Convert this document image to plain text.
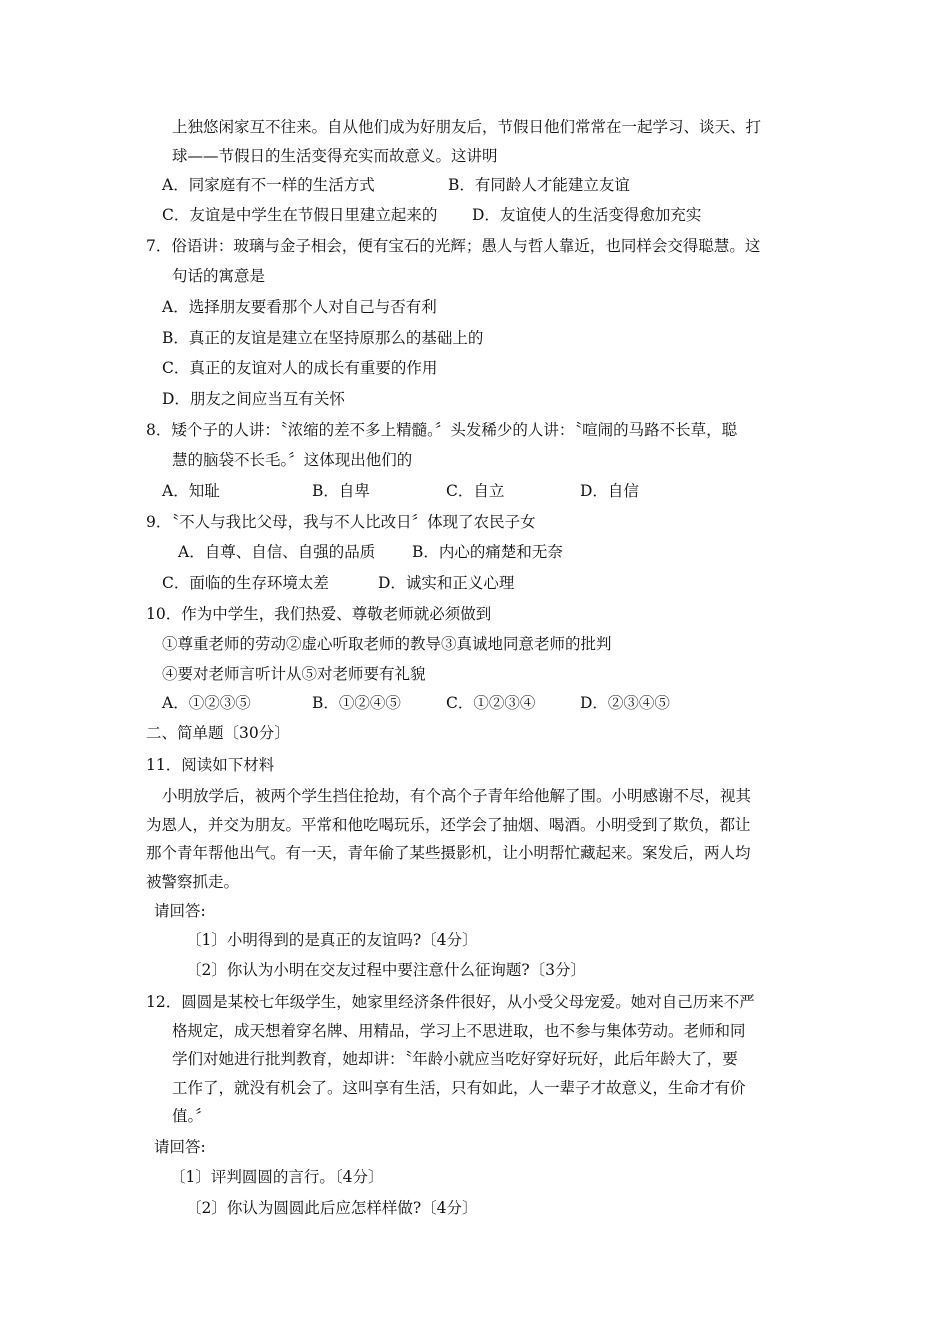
上独悠闲家互不往来。自从他们成为好朋友后，节假日他们常常在一起学习、谈天、打
球——节假日的生活变得充实而故意义。这讲明
A．同家庭有不一样的生活方式	B．有同龄人才能建立友谊
C．友谊是中学生在节假日里建立起来的 D．友谊使人的生活变得愈加充实
7．俗语讲：玻璃与金子相会，便有宝石的光辉；愚人与哲人靠近，也同样会交得聪慧。这
句话的寓意是
A．选择朋友要看那个人对自己与否有利
B．真正的友谊是建立在坚持原那么的基础上的
C．真正的友谊对人的成长有重要的作用
D．朋友之间应当互有关怀
8．矮个子的人讲：〝浓缩的差不多上精髓。〞头发稀少的人讲：〝喧闹的马路不长草，聪
慧的脑袋不长毛。〞这体现出他们的
A．知耻	B．自卑	C．自立	D．自信
9．〝不人与我比父母，我与不人比改日〞体现了农民子女
A．自尊、自信、自强的品质 B．内心的痛楚和无奈
C．面临的生存环境太差	D．诚实和正义心理
10．作为中学生，我们热爱、尊敬老师就必须做到
①尊重老师的劳动②虚心听取老师的教导③真诚地同意老师的批判
④要对老师言听计从⑤对老师要有礼貌
A．①②③⑤	B．①②④⑤	C．①②③④	D．②③④⑤
二、简单题〔30分〕
11．阅读如下材料
小明放学后，被两个学生挡住抢劫，有个高个子青年给他解了围。小明感谢不尽，视其
为恩人，并交为朋友。平常和他吃喝玩乐，还学会了抽烟、喝酒。小明受到了欺负，都让
那个青年帮他出气。有一天，青年偷了某些摄影机，让小明帮忙藏起来。案发后，两人均
被警察抓走。
请回答:
〔1〕小明得到的是真正的友谊吗?〔4分〕
〔2〕你认为小明在交友过程中要注意什么征询题?〔3分〕
12．圆圆是某校七年级学生，她家里经济条件很好，从小受父母宠爱。她对自己历来不严
格规定，成天想着穿名牌、用精品，学习上不思进取，也不参与集体劳动。老师和同
学们对她进行批判教育，她却讲：〝年龄小就应当吃好穿好玩好，此后年龄大了，要
工作了，就没有机会了。这叫享有生活，只有如此，人一辈子才故意义，生命才有价
值。〞
请回答:
〔1〕评判圆圆的言行。〔4分〕
〔2〕你认为圆圆此后应怎样样做?〔4分〕
